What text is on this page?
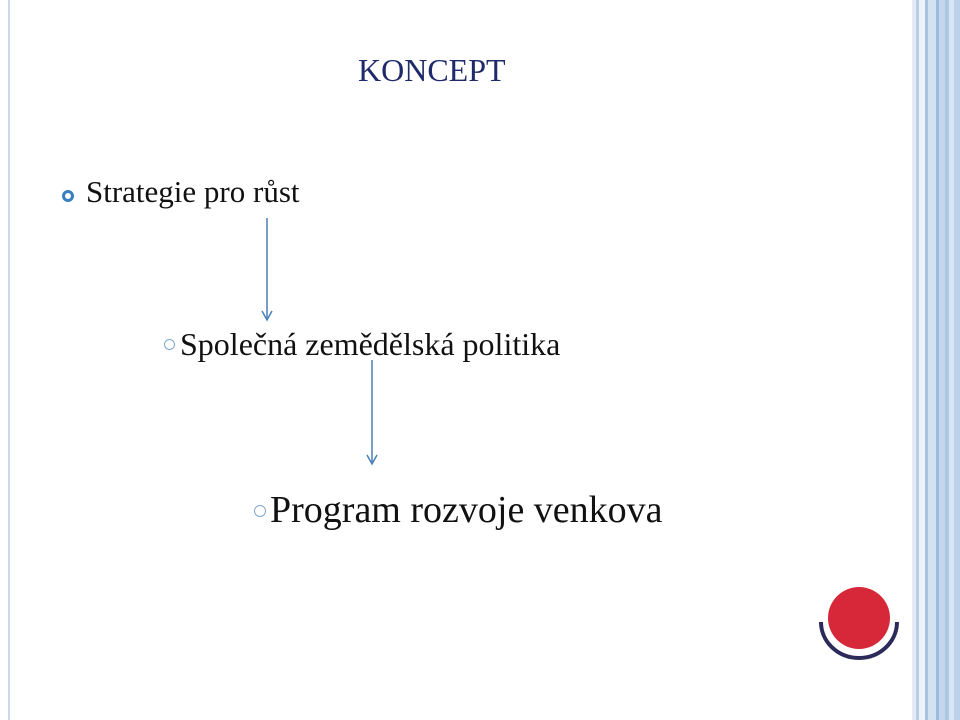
KONCEPT
Strategie pro růst
Společná zemědělská politika
Program rozvoje venkova
